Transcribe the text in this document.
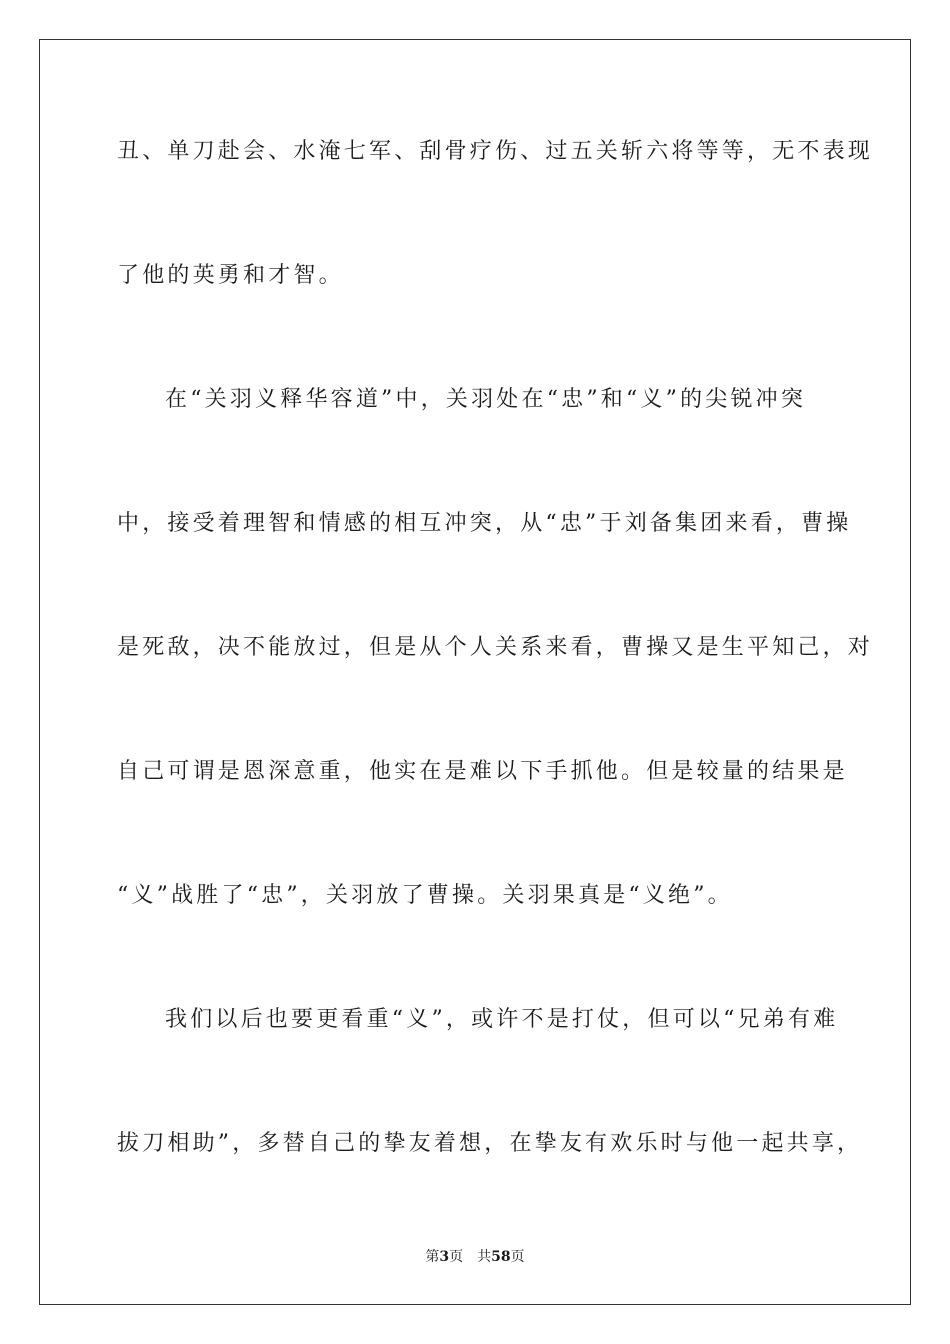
丑、单刀赴会、水淹七军、刮骨疗伤、过五关斩六将等等，无不表现
了他的英勇和才智。
在“关羽义释华容道”中，关羽处在“忠”和“义”的尖锐冲突
中，接受着理智和情感的相互冲突，从“忠”于刘备集团来看，曹操
是死敌，决不能放过，但是从个人关系来看，曹操又是生平知己，对
自己可谓是恩深意重，他实在是难以下手抓他。但是较量的结果是
“义”战胜了“忠”，关羽放了曹操。关羽果真是“义绝”。
我们以后也要更看重“义”，或许不是打仗，但可以“兄弟有难
拔刀相助”，多替自己的挚友着想，在挚友有欢乐时与他一起共享，
第3页 共58页
